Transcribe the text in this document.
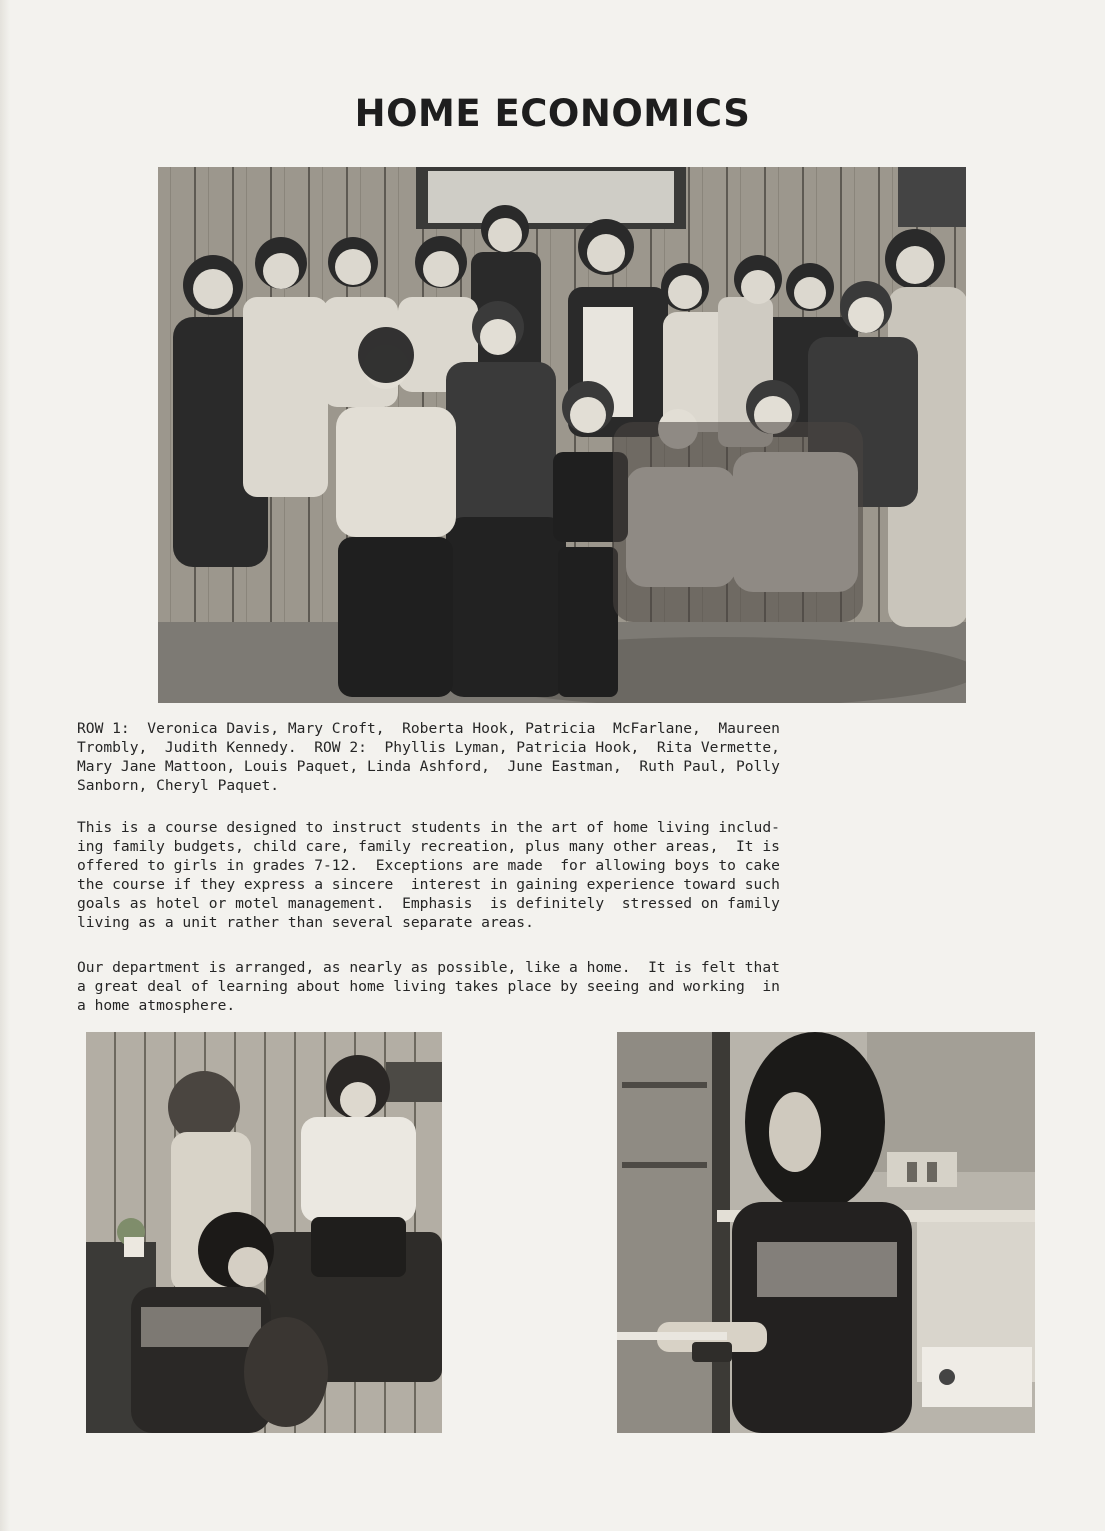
HOME ECONOMICS

ROW 1:  Veronica Davis, Mary Croft,  Roberta Hook, Patricia  McFarlane,  Maureen
Trombly,  Judith Kennedy.  ROW 2:  Phyllis Lyman, Patricia Hook,  Rita Vermette,
Mary Jane Mattoon, Louis Paquet, Linda Ashford,  June Eastman,  Ruth Paul, Polly
Sanborn, Cheryl Paquet.

This is a course designed to instruct students in the art of home living includ-
ing family budgets, child care, family recreation, plus many other areas,  It is
offered to girls in grades 7-12.  Exceptions are made  for allowing boys to cake
the course if they express a sincere  interest in gaining experience toward such
goals as hotel or motel management.  Emphasis  is definitely  stressed on family
living as a unit rather than several separate areas.

Our department is arranged, as nearly as possible, like a home.  It is felt that
a great deal of learning about home living takes place by seeing and working  in
a home atmosphere.
